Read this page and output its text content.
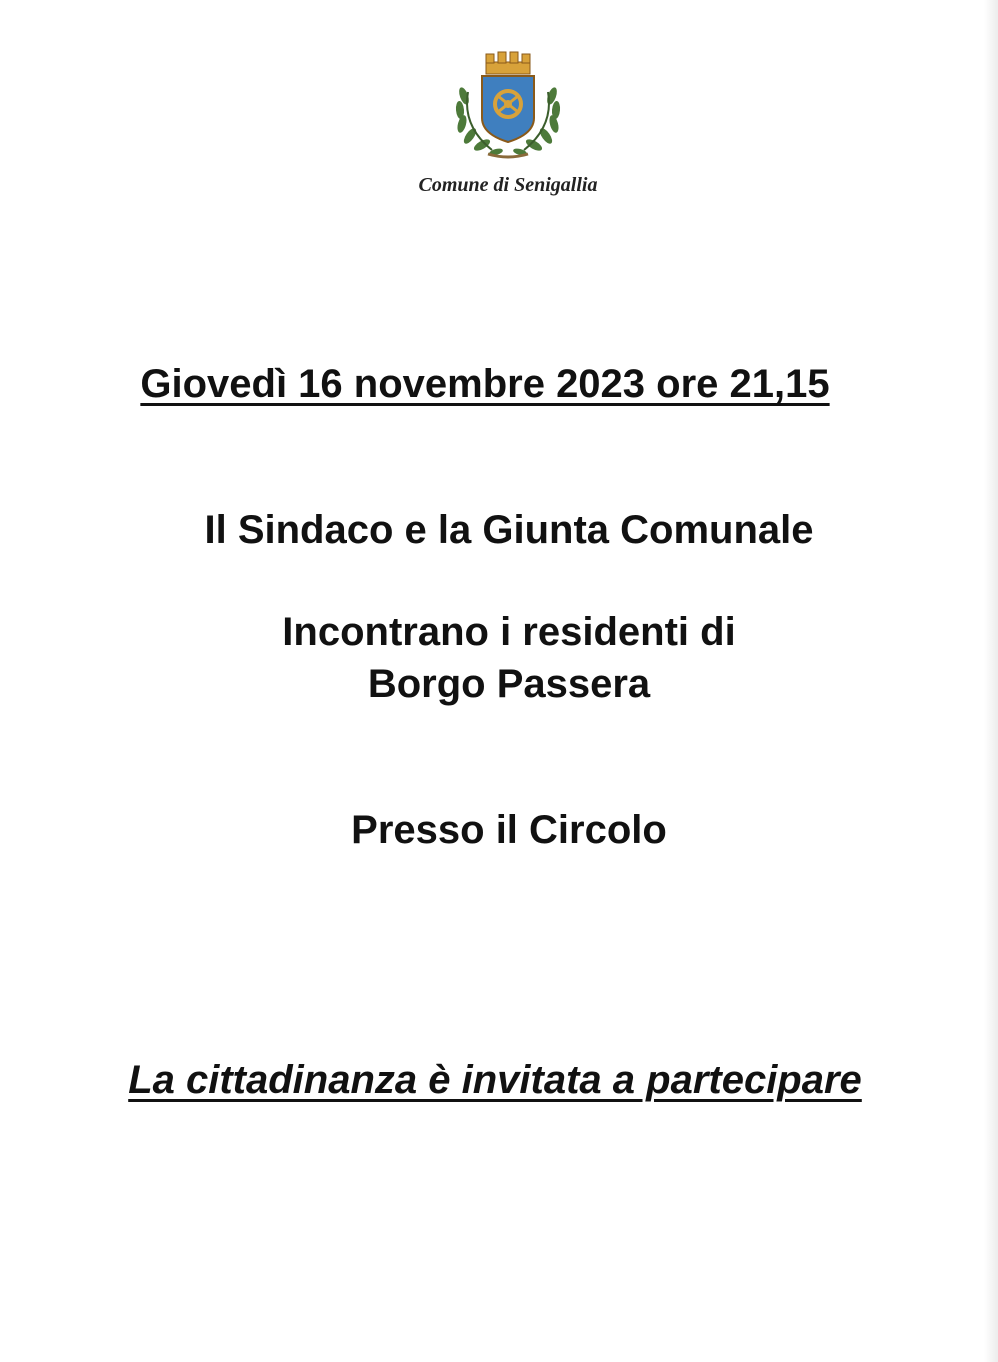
Comune di Senigallia
Giovedì 16 novembre 2023 ore 21,15
Il Sindaco e la Giunta Comunale
Incontrano i residenti di
Borgo Passera
Presso il Circolo
La cittadinanza è invitata a partecipare
